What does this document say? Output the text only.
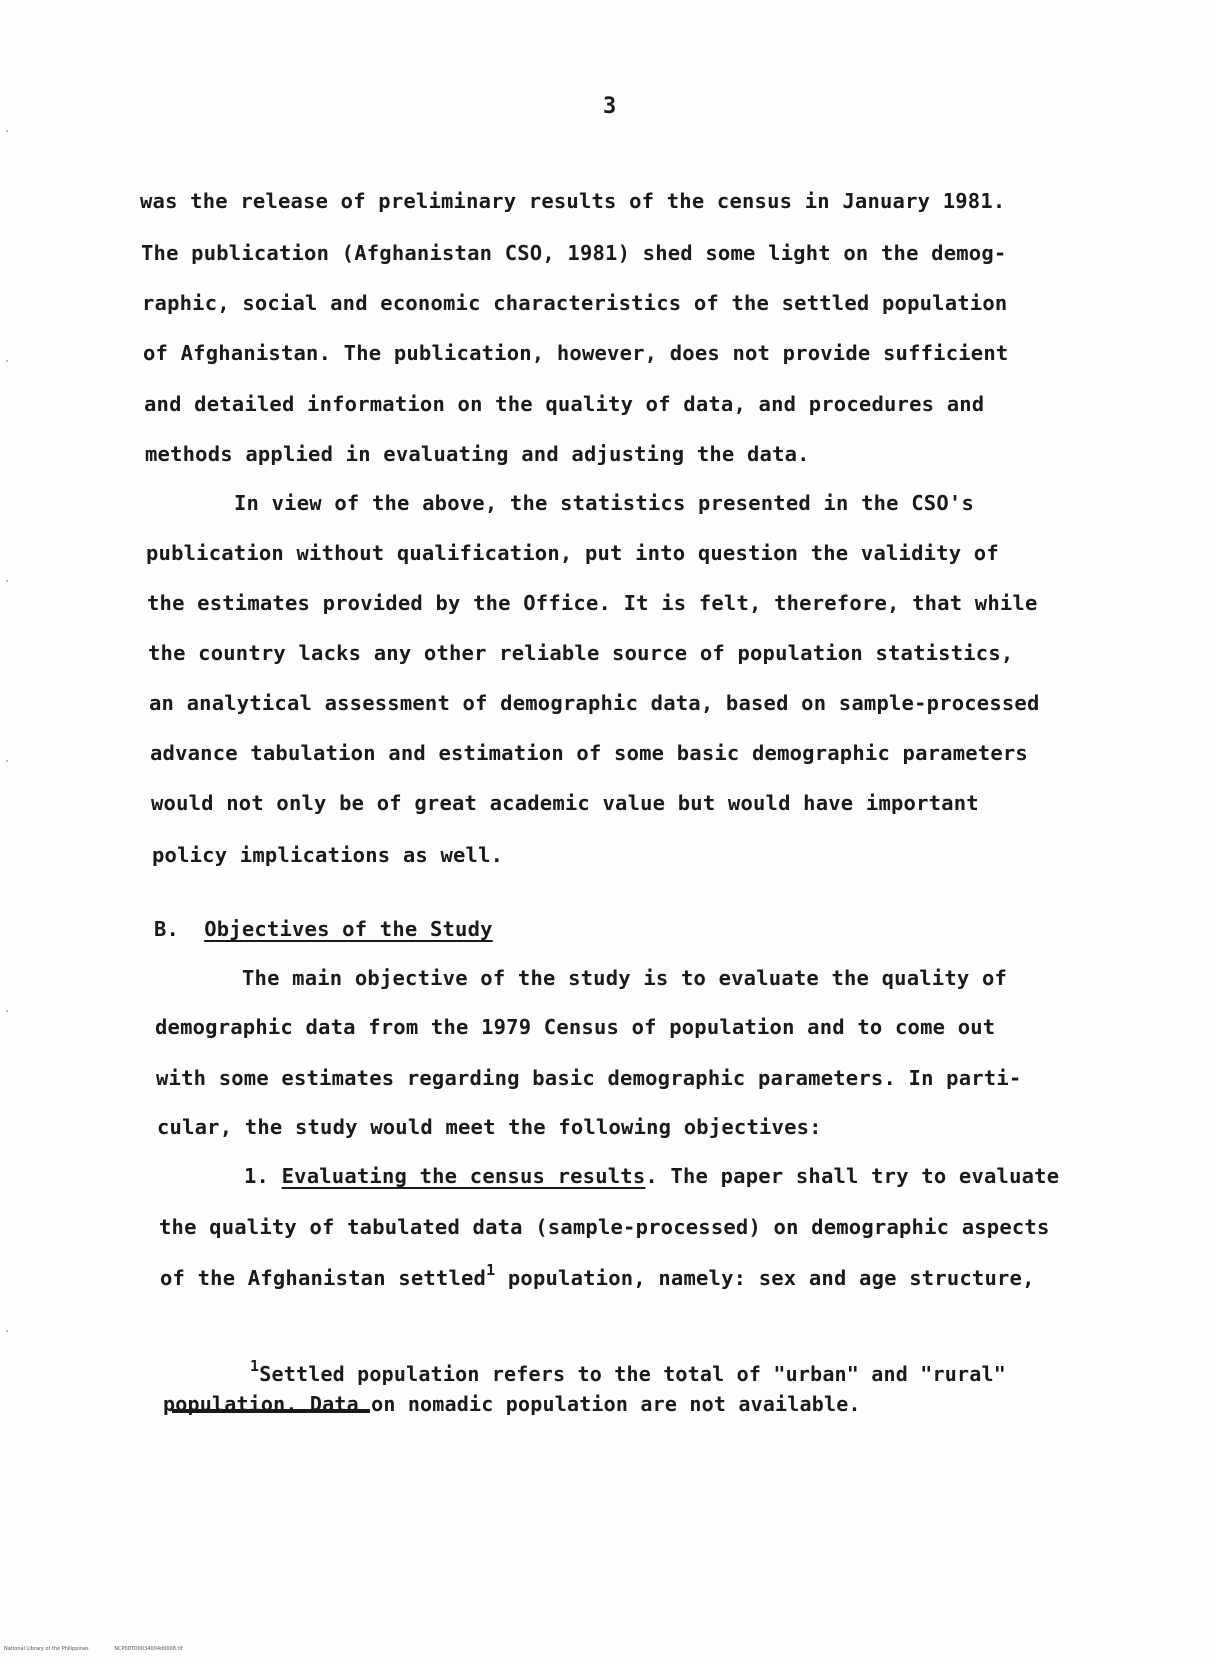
3
was the release of preliminary results of the census in January 1981.
The publication (Afghanistan CSO, 1981) shed some light on the demog-
raphic, social and economic characteristics of the settled population
of Afghanistan. The publication, however, does not provide sufficient
and detailed information on the quality of data, and procedures and
methods applied in evaluating and adjusting the data.
In view of the above, the statistics presented in the CSO's
publication without qualification, put into question the validity of
the estimates provided by the Office. It is felt, therefore, that while
the country lacks any other reliable source of population statistics,
an analytical assessment of demographic data, based on sample-processed
advance tabulation and estimation of some basic demographic parameters
would not only be of great academic value but would have important
policy implications as well.
B. Objectives of the Study
The main objective of the study is to evaluate the quality of
demographic data from the 1979 Census of population and to come out
with some estimates regarding basic demographic parameters. In parti-
cular, the study would meet the following objectives:
1. Evaluating the census results. The paper shall try to evaluate
the quality of tabulated data (sample-processed) on demographic aspects
of the Afghanistan settled$^1$ population, namely: sex and age structure,
$^1$Settled population refers to the total of "urban" and "rural"
population. Data on nomadic population are not available.
National Library of the Philippines	NCP00TD0034004d0008.tif
